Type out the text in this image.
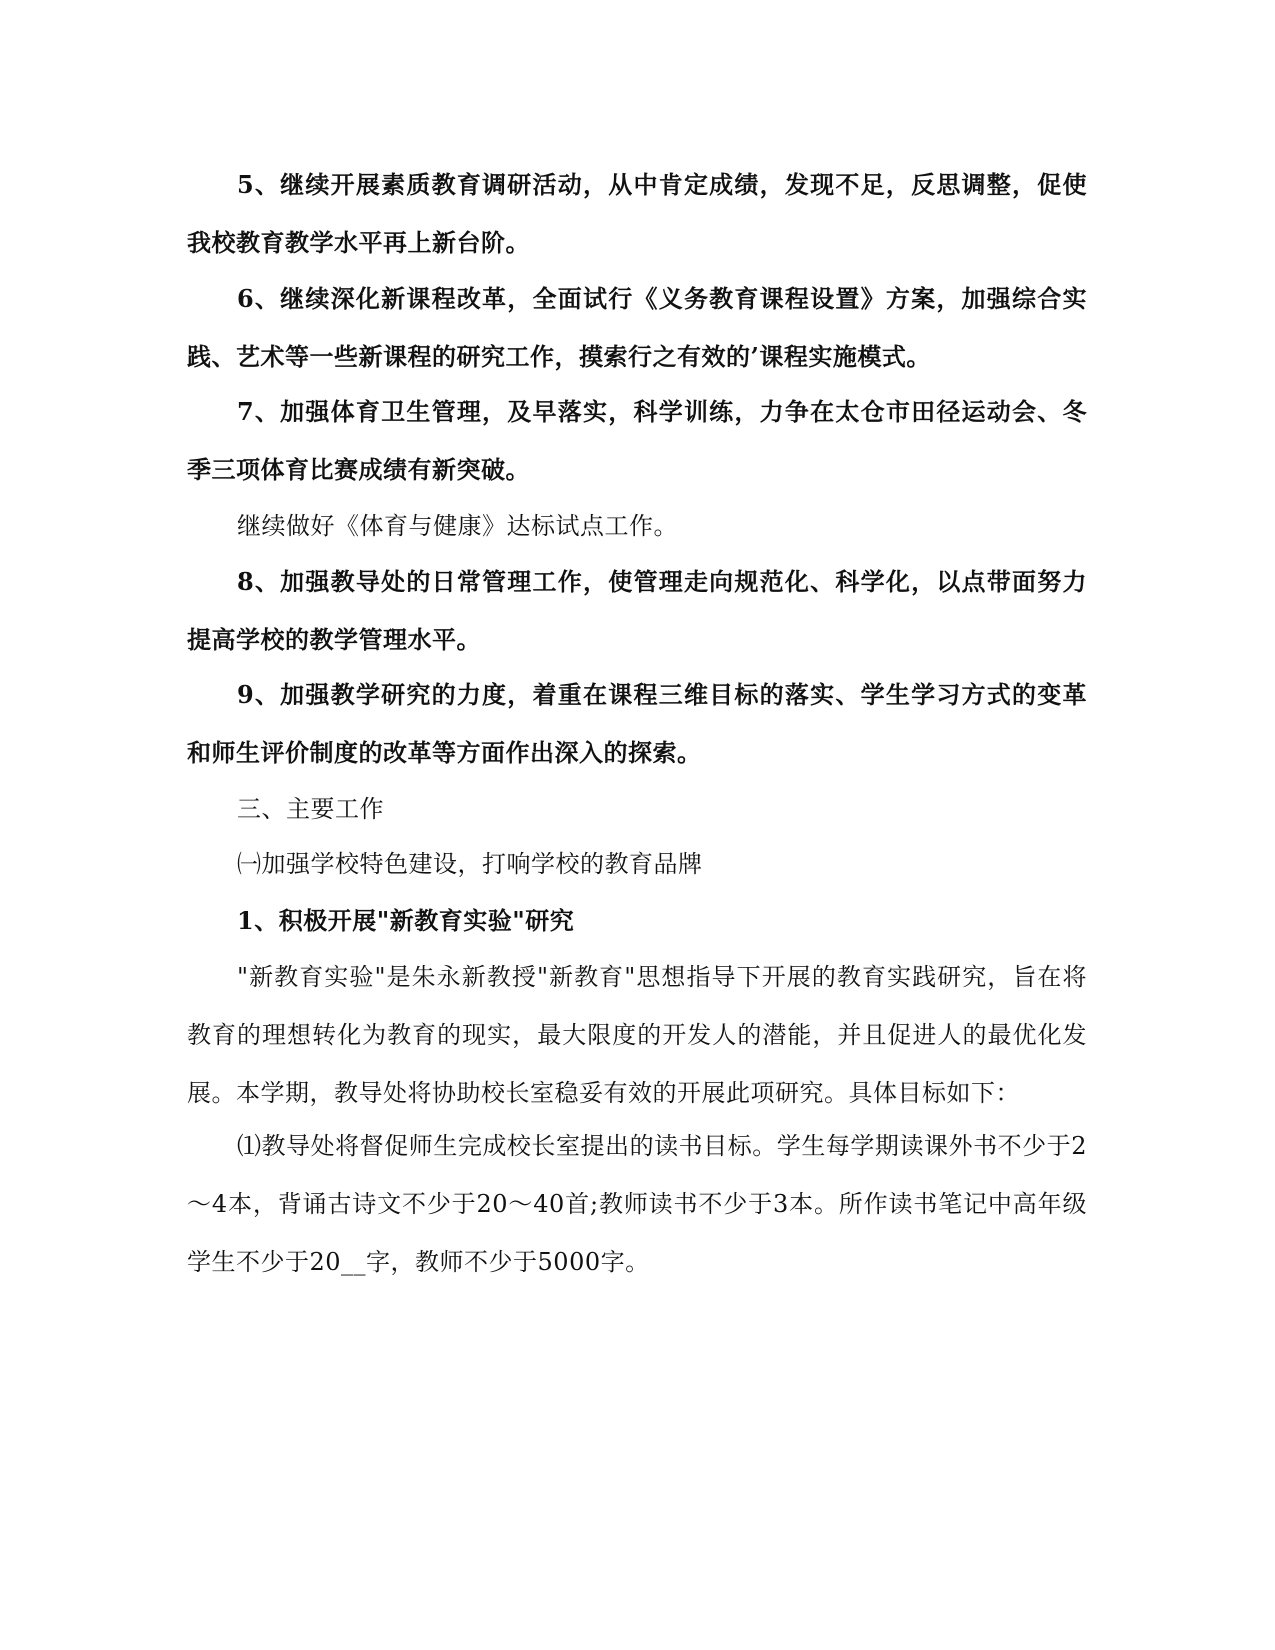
5、继续开展素质教育调研活动，从中肯定成绩，发现不足，反思调整，促使我校教育教学水平再上新台阶。

6、继续深化新课程改革，全面试行《义务教育课程设置》方案，加强综合实践、艺术等一些新课程的研究工作，摸索行之有效的’课程实施模式。

7、加强体育卫生管理，及早落实，科学训练，力争在太仓市田径运动会、冬季三项体育比赛成绩有新突破。

继续做好《体育与健康》达标试点工作。

8、加强教导处的日常管理工作，使管理走向规范化、科学化，以点带面努力提高学校的教学管理水平。

9、加强教学研究的力度，着重在课程三维目标的落实、学生学习方式的变革和师生评价制度的改革等方面作出深入的探索。

三、主要工作

㈠加强学校特色建设，打响学校的教育品牌

1、积极开展"新教育实验"研究

"新教育实验"是朱永新教授"新教育"思想指导下开展的教育实践研究，旨在将教育的理想转化为教育的现实，最大限度的开发人的潜能，并且促进人的最优化发展。本学期，教导处将协助校长室稳妥有效的开展此项研究。具体目标如下：

⑴教导处将督促师生完成校长室提出的读书目标。学生每学期读课外书不少于2～4本，背诵古诗文不少于20～40首;教师读书不少于3本。所作读书笔记中高年级学生不少于20__字，教师不少于5000字。
